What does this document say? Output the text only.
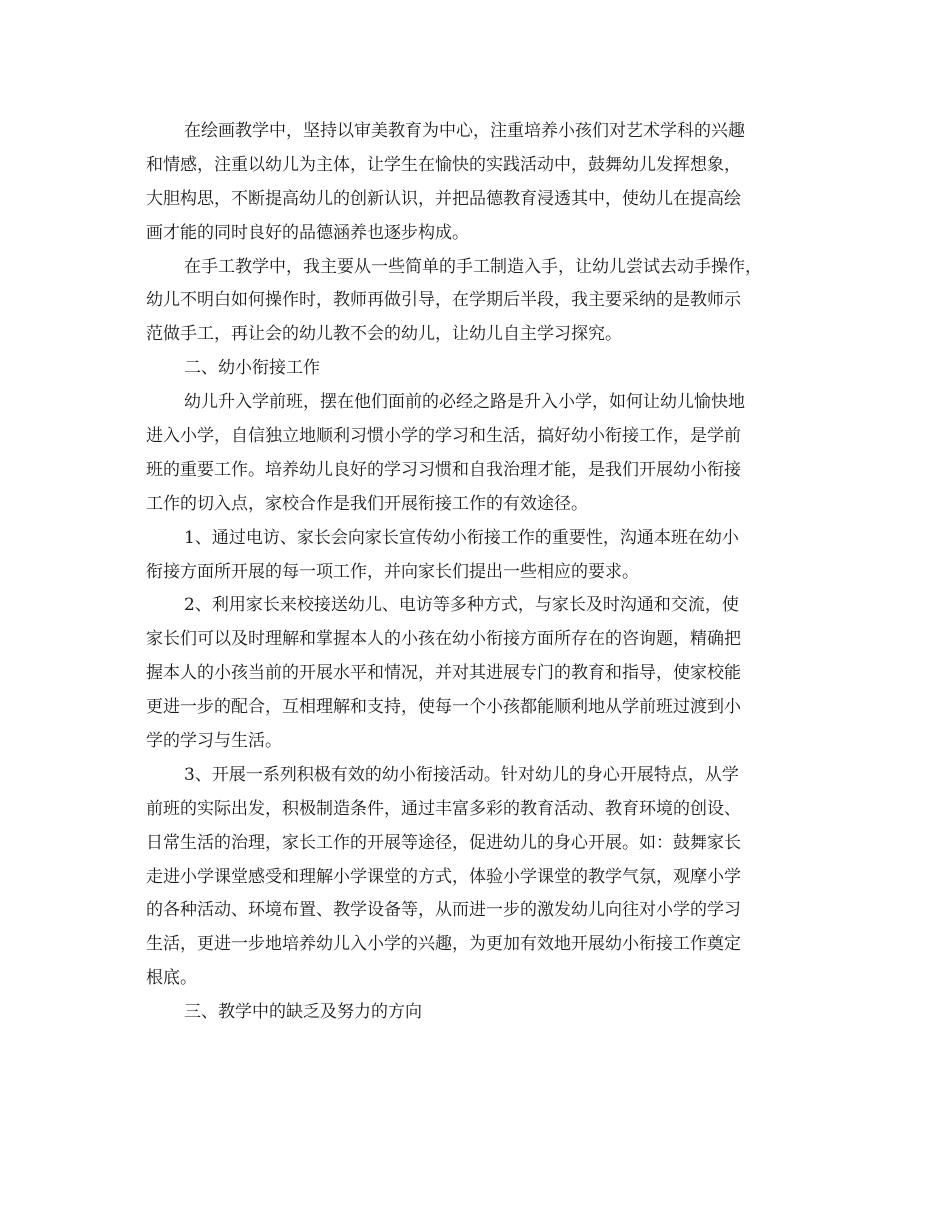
在绘画教学中，坚持以审美教育为中心，注重培养小孩们对艺术学科的兴趣
和情感，注重以幼儿为主体，让学生在愉快的实践活动中，鼓舞幼儿发挥想象，
大胆构思，不断提高幼儿的创新认识，并把品德教育浸透其中，使幼儿在提高绘
画才能的同时良好的品德涵养也逐步构成。
在手工教学中，我主要从一些简单的手工制造入手，让幼儿尝试去动手操作，
幼儿不明白如何操作时，教师再做引导，在学期后半段，我主要采纳的是教师示
范做手工，再让会的幼儿教不会的幼儿，让幼儿自主学习探究。
二、幼小衔接工作
幼儿升入学前班，摆在他们面前的必经之路是升入小学，如何让幼儿愉快地
进入小学，自信独立地顺利习惯小学的学习和生活，搞好幼小衔接工作，是学前
班的重要工作。培养幼儿良好的学习习惯和自我治理才能，是我们开展幼小衔接
工作的切入点，家校合作是我们开展衔接工作的有效途径。
1、通过电访、家长会向家长宣传幼小衔接工作的重要性，沟通本班在幼小
衔接方面所开展的每一项工作，并向家长们提出一些相应的要求。
2、利用家长来校接送幼儿、电访等多种方式，与家长及时沟通和交流，使
家长们可以及时理解和掌握本人的小孩在幼小衔接方面所存在的咨询题，精确把
握本人的小孩当前的开展水平和情况，并对其进展专门的教育和指导，使家校能
更进一步的配合，互相理解和支持，使每一个小孩都能顺利地从学前班过渡到小
学的学习与生活。
3、开展一系列积极有效的幼小衔接活动。针对幼儿的身心开展特点，从学
前班的实际出发，积极制造条件，通过丰富多彩的教育活动、教育环境的创设、
日常生活的治理，家长工作的开展等途径，促进幼儿的身心开展。如：鼓舞家长
走进小学课堂感受和理解小学课堂的方式，体验小学课堂的教学气氛，观摩小学
的各种活动、环境布置、教学设备等，从而进一步的激发幼儿向往对小学的学习
生活，更进一步地培养幼儿入小学的兴趣，为更加有效地开展幼小衔接工作奠定
根底。
三、教学中的缺乏及努力的方向
